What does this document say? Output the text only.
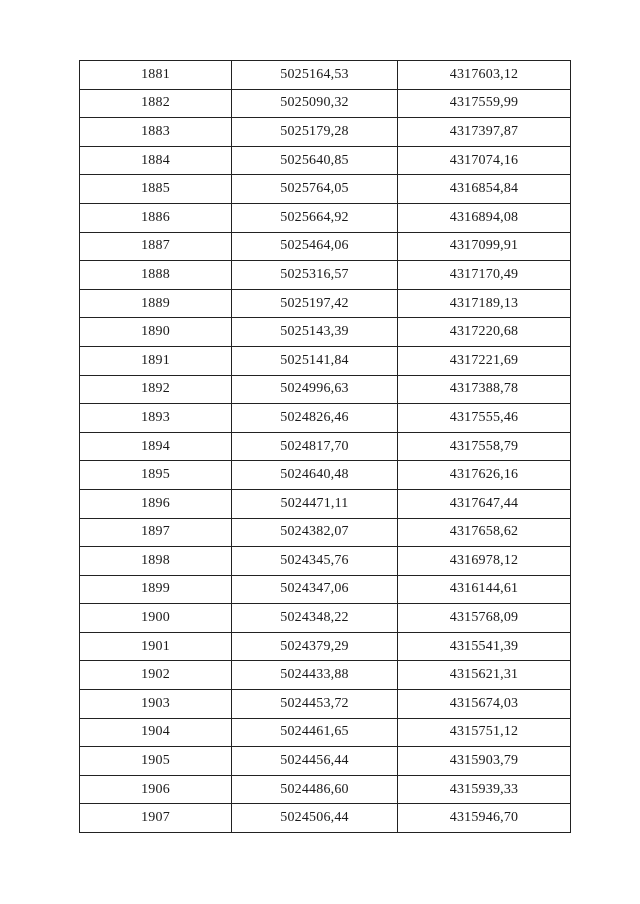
1881	5025164,53	4317603,12
1882	5025090,32	4317559,99
1883	5025179,28	4317397,87
1884	5025640,85	4317074,16
1885	5025764,05	4316854,84
1886	5025664,92	4316894,08
1887	5025464,06	4317099,91
1888	5025316,57	4317170,49
1889	5025197,42	4317189,13
1890	5025143,39	4317220,68
1891	5025141,84	4317221,69
1892	5024996,63	4317388,78
1893	5024826,46	4317555,46
1894	5024817,70	4317558,79
1895	5024640,48	4317626,16
1896	5024471,11	4317647,44
1897	5024382,07	4317658,62
1898	5024345,76	4316978,12
1899	5024347,06	4316144,61
1900	5024348,22	4315768,09
1901	5024379,29	4315541,39
1902	5024433,88	4315621,31
1903	5024453,72	4315674,03
1904	5024461,65	4315751,12
1905	5024456,44	4315903,79
1906	5024486,60	4315939,33
1907	5024506,44	4315946,70
